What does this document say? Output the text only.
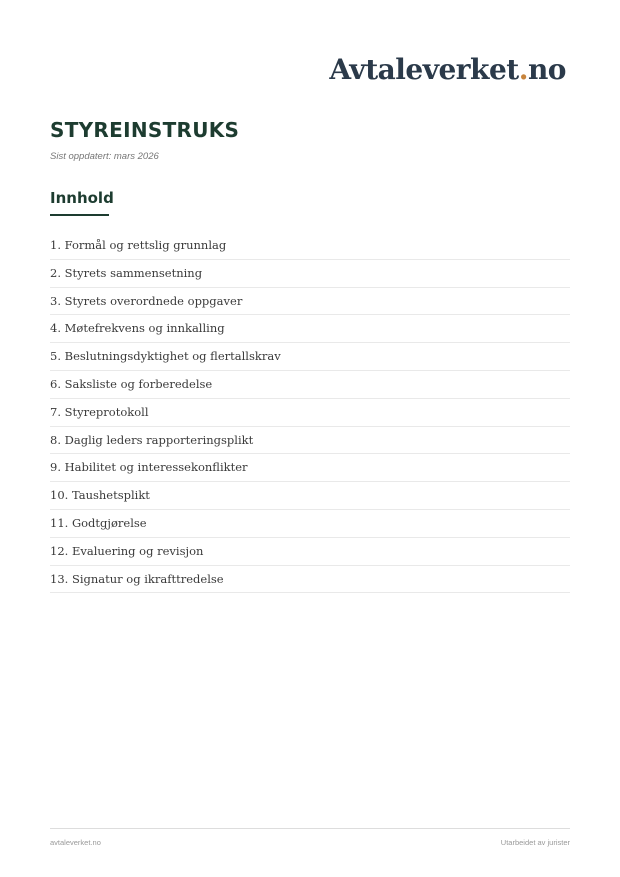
Avtaleverket.no
STYREINSTRUKS
Sist oppdatert: mars 2026
Innhold
1. Formål og rettslig grunnlag
2. Styrets sammensetning
3. Styrets overordnede oppgaver
4. Møtefrekvens og innkalling
5. Beslutningsdyktighet og flertallskrav
6. Saksliste og forberedelse
7. Styreprotokoll
8. Daglig leders rapporteringsplikt
9. Habilitet og interessekonflikter
10. Taushetsplikt
11. Godtgjørelse
12. Evaluering og revisjon
13. Signatur og ikrafttredelse
avtaleverket.no	Utarbeidet av jurister
